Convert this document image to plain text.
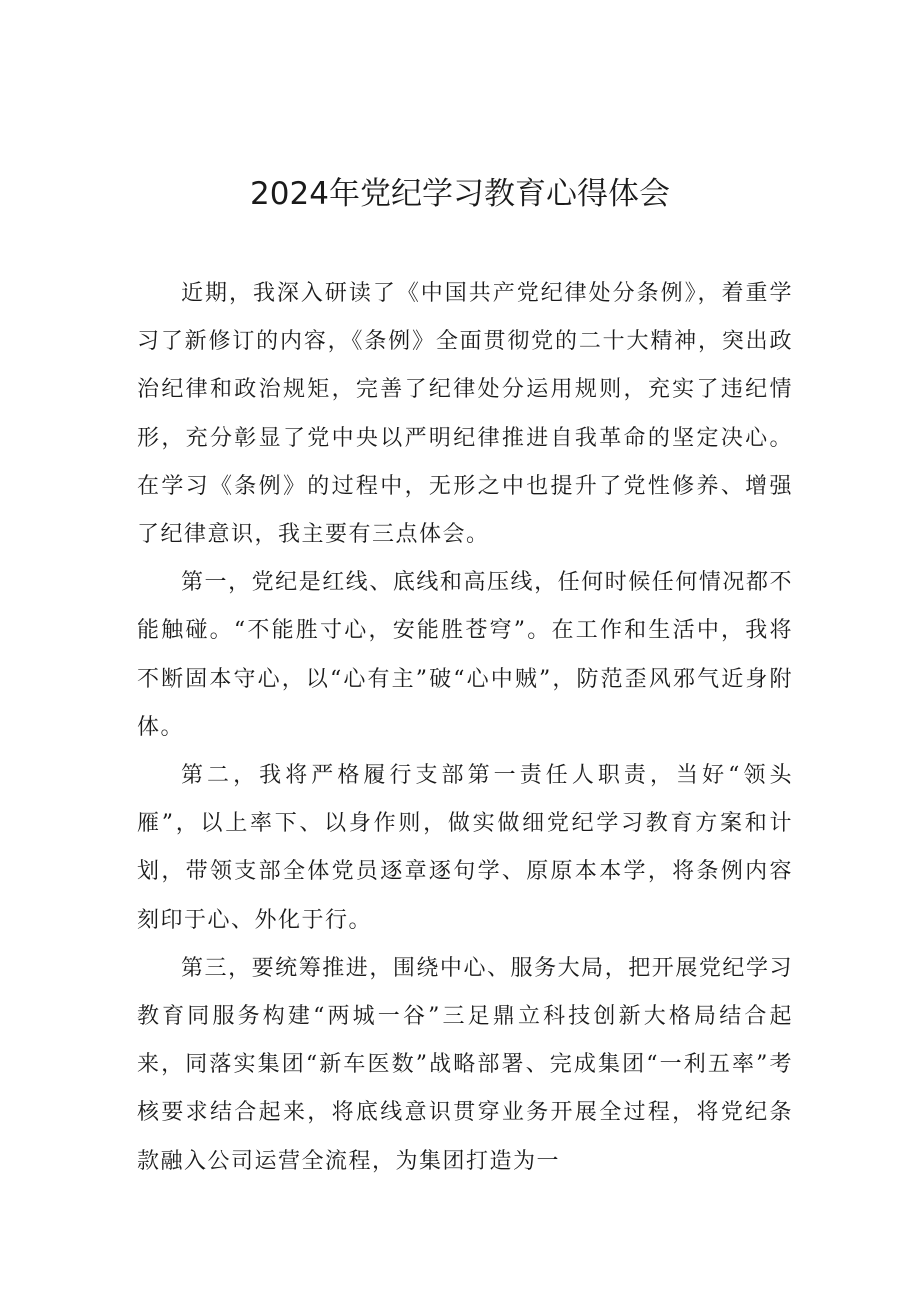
2024年党纪学习教育心得体会

近期，我深入研读了《中国共产党纪律处分条例》，着重学习了新修订的内容，《条例》全面贯彻党的二十大精神，突出政治纪律和政治规矩，完善了纪律处分运用规则，充实了违纪情形，充分彰显了党中央以严明纪律推进自我革命的坚定决心。在学习《条例》的过程中，无形之中也提升了党性修养、增强了纪律意识，我主要有三点体会。

第一，党纪是红线、底线和高压线，任何时候任何情况都不能触碰。“不能胜寸心，安能胜苍穹”。在工作和生活中，我将不断固本守心，以“心有主”破“心中贼”，防范歪风邪气近身附体。

第二，我将严格履行支部第一责任人职责，当好“领头雁”，以上率下、以身作则，做实做细党纪学习教育方案和计划，带领支部全体党员逐章逐句学、原原本本学，将条例内容刻印于心、外化于行。

第三，要统筹推进，围绕中心、服务大局，把开展党纪学习教育同服务构建“两城一谷”三足鼎立科技创新大格局结合起来，同落实集团“新车医数”战略部署、完成集团“一利五率”考核要求结合起来，将底线意识贯穿业务开展全过程，将党纪条款融入公司运营全流程，为集团打造为一
